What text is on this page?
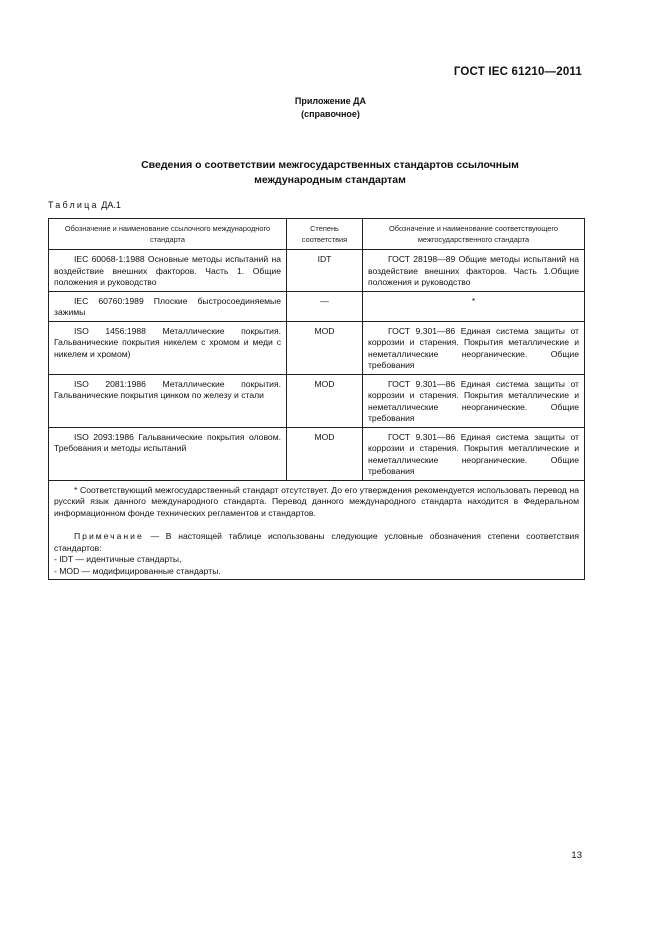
ГОСТ IEC 61210—2011
Приложение ДА
(справочное)
Сведения о соответствии межгосударственных стандартов ссылочным
международным стандартам
Таблица ДА.1
Обозначение и наименование ссылочного международного стандарта	Степень соответствия	Обозначение и наименование соответствующего межгосударственного стандарта
IEC 60068-1:1988 Основные методы испытаний на воздействие внешних факторов. Часть 1. Общие положения и руководство	IDT	ГОСТ 28198—89 Общие методы испытаний на воздействие внешних факторов. Часть 1.Общие положения и руководство
IEC 60760:1989 Плоские быстросоединяемые зажимы	—	*
ISO 1456:1988 Металлические покрытия. Гальванические покрытия никелем с хромом и меди с никелем и хромом)	MOD	ГОСТ 9.301—86 Единая система защиты от коррозии и старения. Покрытия металлические и неметаллические неорганические. Общие требования
ISO 2081:1986 Металлические покрытия. Гальванические покрытия цинком по железу и стали	MOD	ГОСТ 9.301—86 Единая система защиты от коррозии и старения. Покрытия металлические и неметаллические неорганические. Общие требования
ISO 2093:1986 Гальванические покрытия оловом. Требования и методы испытаний	MOD	ГОСТ 9.301—86 Единая система защиты от коррозии и старения. Покрытия металлические и неметаллические неорганические. Общие требования

* Соответствующий межгосударственный стандарт отсутствует. До его утверждения рекомендуется использовать перевод на русский язык данного международного стандарта. Перевод данного международного стандарта находится в Федеральном информационном фонде технических регламентов и стандартов.

Примечание — В настоящей таблице использованы следующие условные обозначения степени соответствия стандартов:

- IDT — идентичные стандарты,

- MOD — модифицированные стандарты.		

13
